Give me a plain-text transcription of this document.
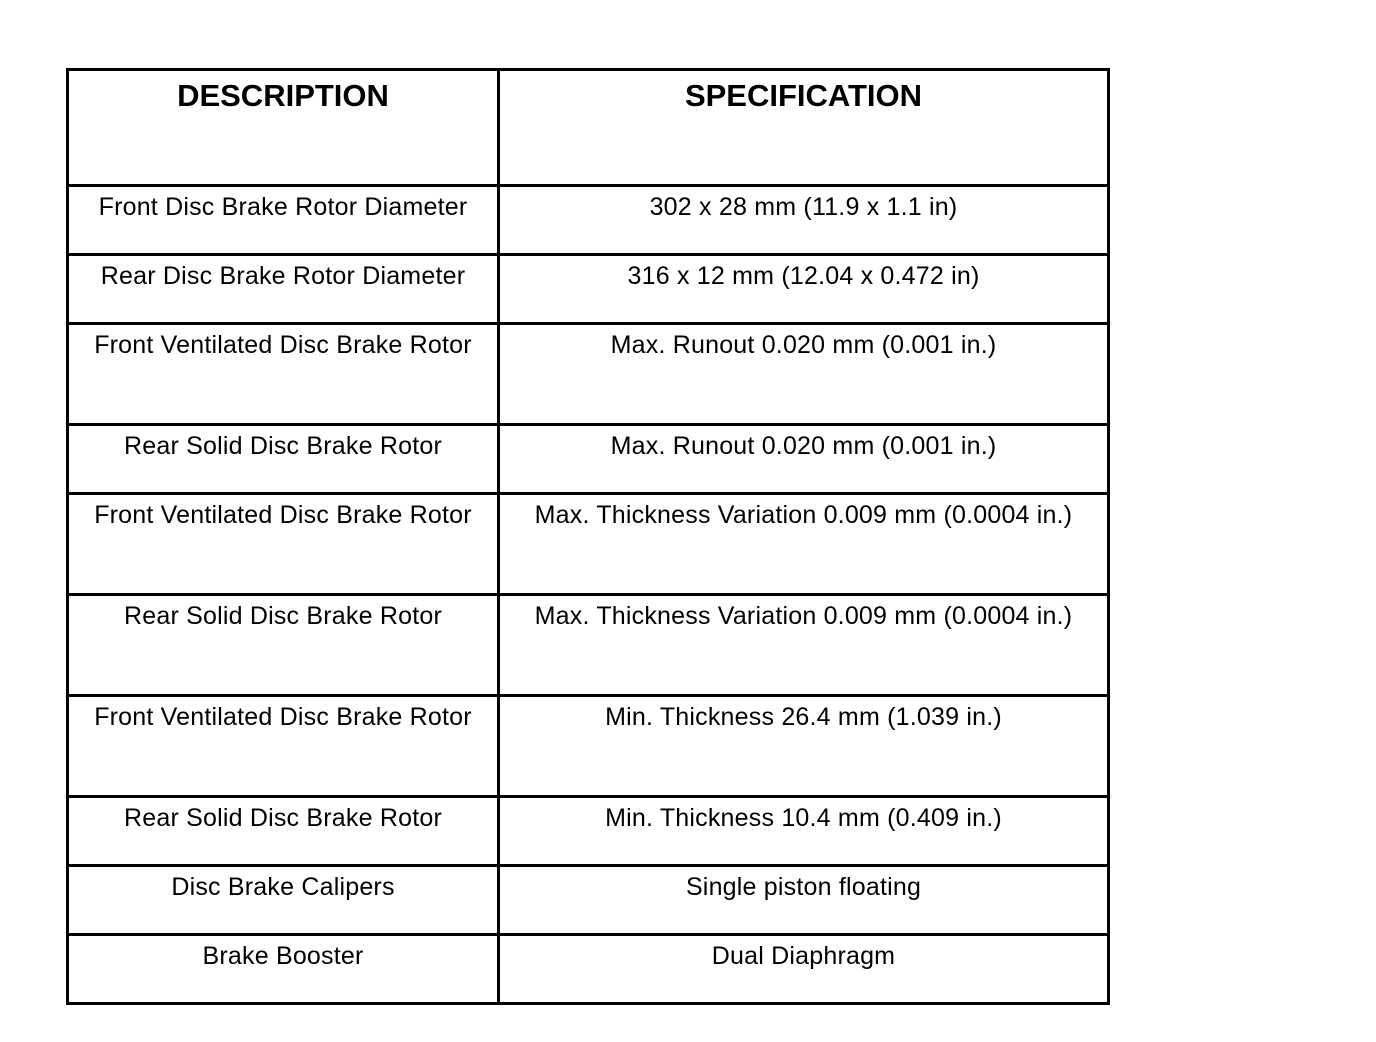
DESCRIPTION	SPECIFICATION
Front Disc Brake Rotor Diameter	302 x 28 mm (11.9 x 1.1 in)
Rear Disc Brake Rotor Diameter	316 x 12 mm (12.04 x 0.472 in)
Front Ventilated Disc Brake Rotor	Max. Runout 0.020 mm (0.001 in.)
Rear Solid Disc Brake Rotor	Max. Runout 0.020 mm (0.001 in.)
Front Ventilated Disc Brake Rotor	Max. Thickness Variation 0.009 mm (0.0004 in.)
Rear Solid Disc Brake Rotor	Max. Thickness Variation 0.009 mm (0.0004 in.)
Front Ventilated Disc Brake Rotor	Min. Thickness 26.4 mm (1.039 in.)
Rear Solid Disc Brake Rotor	Min. Thickness 10.4 mm (0.409 in.)
Disc Brake Calipers	Single piston floating
Brake Booster	Dual Diaphragm
